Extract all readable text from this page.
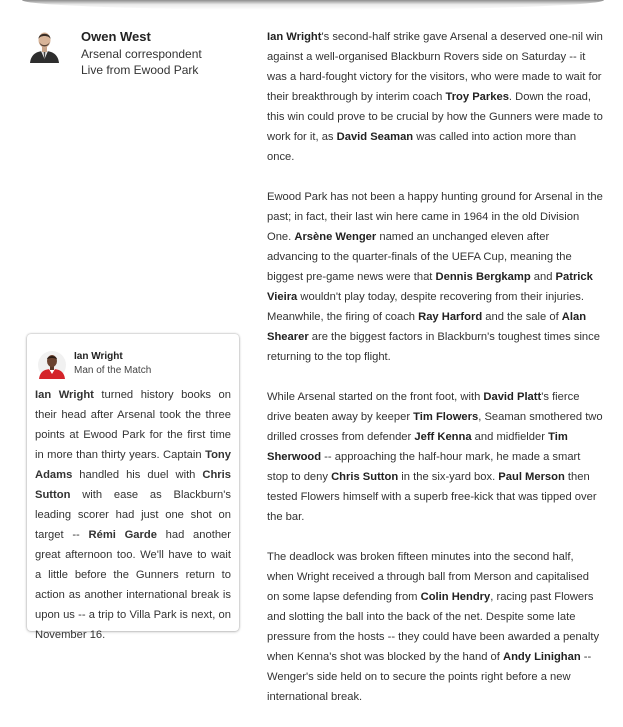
Owen West
Arsenal correspondent
Live from Ewood Park

Ian Wright's second-half strike gave Arsenal a deserved one-nil win against a well-organised Blackburn Rovers side on Saturday -- it was a hard-fought victory for the visitors, who were made to wait for their breakthrough by interim coach Troy Parkes. Down the road, this win could prove to be crucial by how the Gunners were made to work for it, as David Seaman was called into action more than once.

Ewood Park has not been a happy hunting ground for Arsenal in the past; in fact, their last win here came in 1964 in the old Division One. Arsène Wenger named an unchanged eleven after advancing to the quarter-finals of the UEFA Cup, meaning the biggest pre-game news were that Dennis Bergkamp and Patrick Vieira wouldn't play today, despite recovering from their injuries. Meanwhile, the firing of coach Ray Harford and the sale of Alan Shearer are the biggest factors in Blackburn's toughest times since returning to the top flight.

While Arsenal started on the front foot, with David Platt's fierce drive beaten away by keeper Tim Flowers, Seaman smothered two drilled crosses from defender Jeff Kenna and midfielder Tim Sherwood -- approaching the half-hour mark, he made a smart stop to deny Chris Sutton in the six-yard box. Paul Merson then tested Flowers himself with a superb free-kick that was tipped over the bar.

The deadlock was broken fifteen minutes into the second half, when Wright received a through ball from Merson and capitalised on some lapse defending from Colin Hendry, racing past Flowers and slotting the ball into the back of the net. Despite some late pressure from the hosts -- they could have been awarded a penalty when Kenna's shot was blocked by the hand of Andy Linighan -- Wenger's side held on to secure the points right before a new international break.

Ian Wright
Man of the Match
Ian Wright turned history books on their head after Arsenal took the three points at Ewood Park for the first time in more than thirty years. Captain Tony Adams handled his duel with Chris Sutton with ease as Blackburn's leading scorer had just one shot on target -- Rémi Garde had another great afternoon too. We'll have to wait a little before the Gunners return to action as another international break is upon us -- a trip to Villa Park is next, on November 16.
